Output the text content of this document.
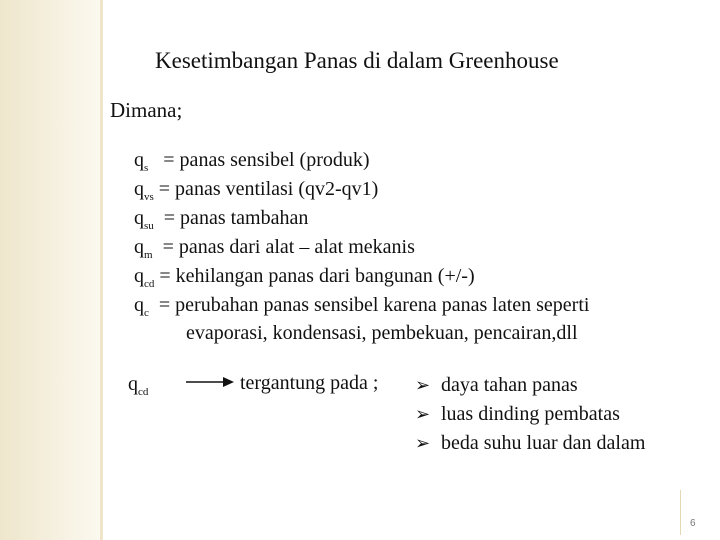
Kesetimbangan Panas di dalam Greenhouse
Dimana;
$q_s$ = panas sensibel (produk)
$q_{vs}$ = panas ventilasi (qv2-qv1)
$q_{su}$ = panas tambahan
$q_m$ = panas dari alat – alat mekanis
$q_{cd}$ = kehilangan panas dari bangunan (+/-)
$q_c$ = perubahan panas sensibel karena panas laten seperti
evaporasi, kondensasi, pembekuan, pencairan,dll
$q_{cd}$	tergantung pada ; ➢ daya tahan panas
➢ luas dinding pembatas
➢ beda suhu luar dan dalam
6
